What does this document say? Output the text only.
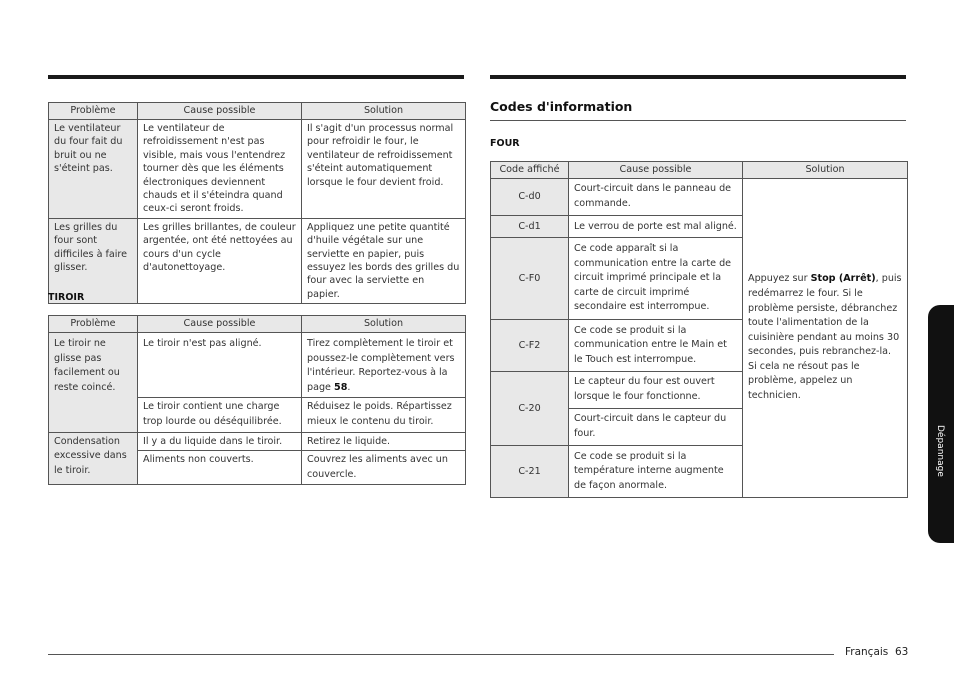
Problème	Cause possible	Solution
Le ventilateur du four fait du bruit ou ne s'éteint pas.	Le ventilateur de refroidissement n'est pas visible, mais vous l'entendrez tourner dès que les éléments électroniques deviennent chauds et il s'éteindra quand ceux-ci seront froids.	Il s'agit d'un processus normal pour refroidir le four, le ventilateur de refroidissement s'éteint automatiquement lorsque le four devient froid.
Les grilles du four sont difficiles à faire glisser.	Les grilles brillantes, de couleur argentée, ont été nettoyées au cours d'un cycle d'autonettoyage.	Appliquez une petite quantité d'huile végétale sur une serviette en papier, puis essuyez les bords des grilles du four avec la serviette en papier.
TIROIR
Problème	Cause possible	Solution
Le tiroir ne glisse pas facilement ou reste coincé.	Le tiroir n'est pas aligné.	Tirez complètement le tiroir et poussez-le complètement vers l'intérieur. Reportez-vous à la page 58.
	Le tiroir contient une charge trop lourde ou déséquilibrée.	Réduisez le poids. Répartissez mieux le contenu du tiroir.
Condensation excessive dans le tiroir.	Il y a du liquide dans le tiroir.	Retirez le liquide.
	Aliments non couverts.	Couvrez les aliments avec un couvercle.
Codes d'information
FOUR
Code affiché	Cause possible	Solution
C-d0	Court-circuit dans le panneau de commande.	Appuyez sur Stop (Arrêt), puis redémarrez le four. Si le problème persiste, débranchez toute l'alimentation de la cuisinière pendant au moins 30 secondes, puis rebranchez-la. Si cela ne résout pas le problème, appelez un technicien.
C-d1	Le verrou de porte est mal aligné.	
C-F0	Ce code apparaît si la communication entre la carte de circuit imprimé principale et la carte de circuit imprimé secondaire est interrompue.	
C-F2	Ce code se produit si la communication entre le Main et le Touch est interrompue.	
C-20	Le capteur du four est ouvert lorsque le four fonctionne.	
	Court-circuit dans le capteur du four.	
C-21	Ce code se produit si la température interne augmente de façon anormale.	
Dépannage
Français 63
